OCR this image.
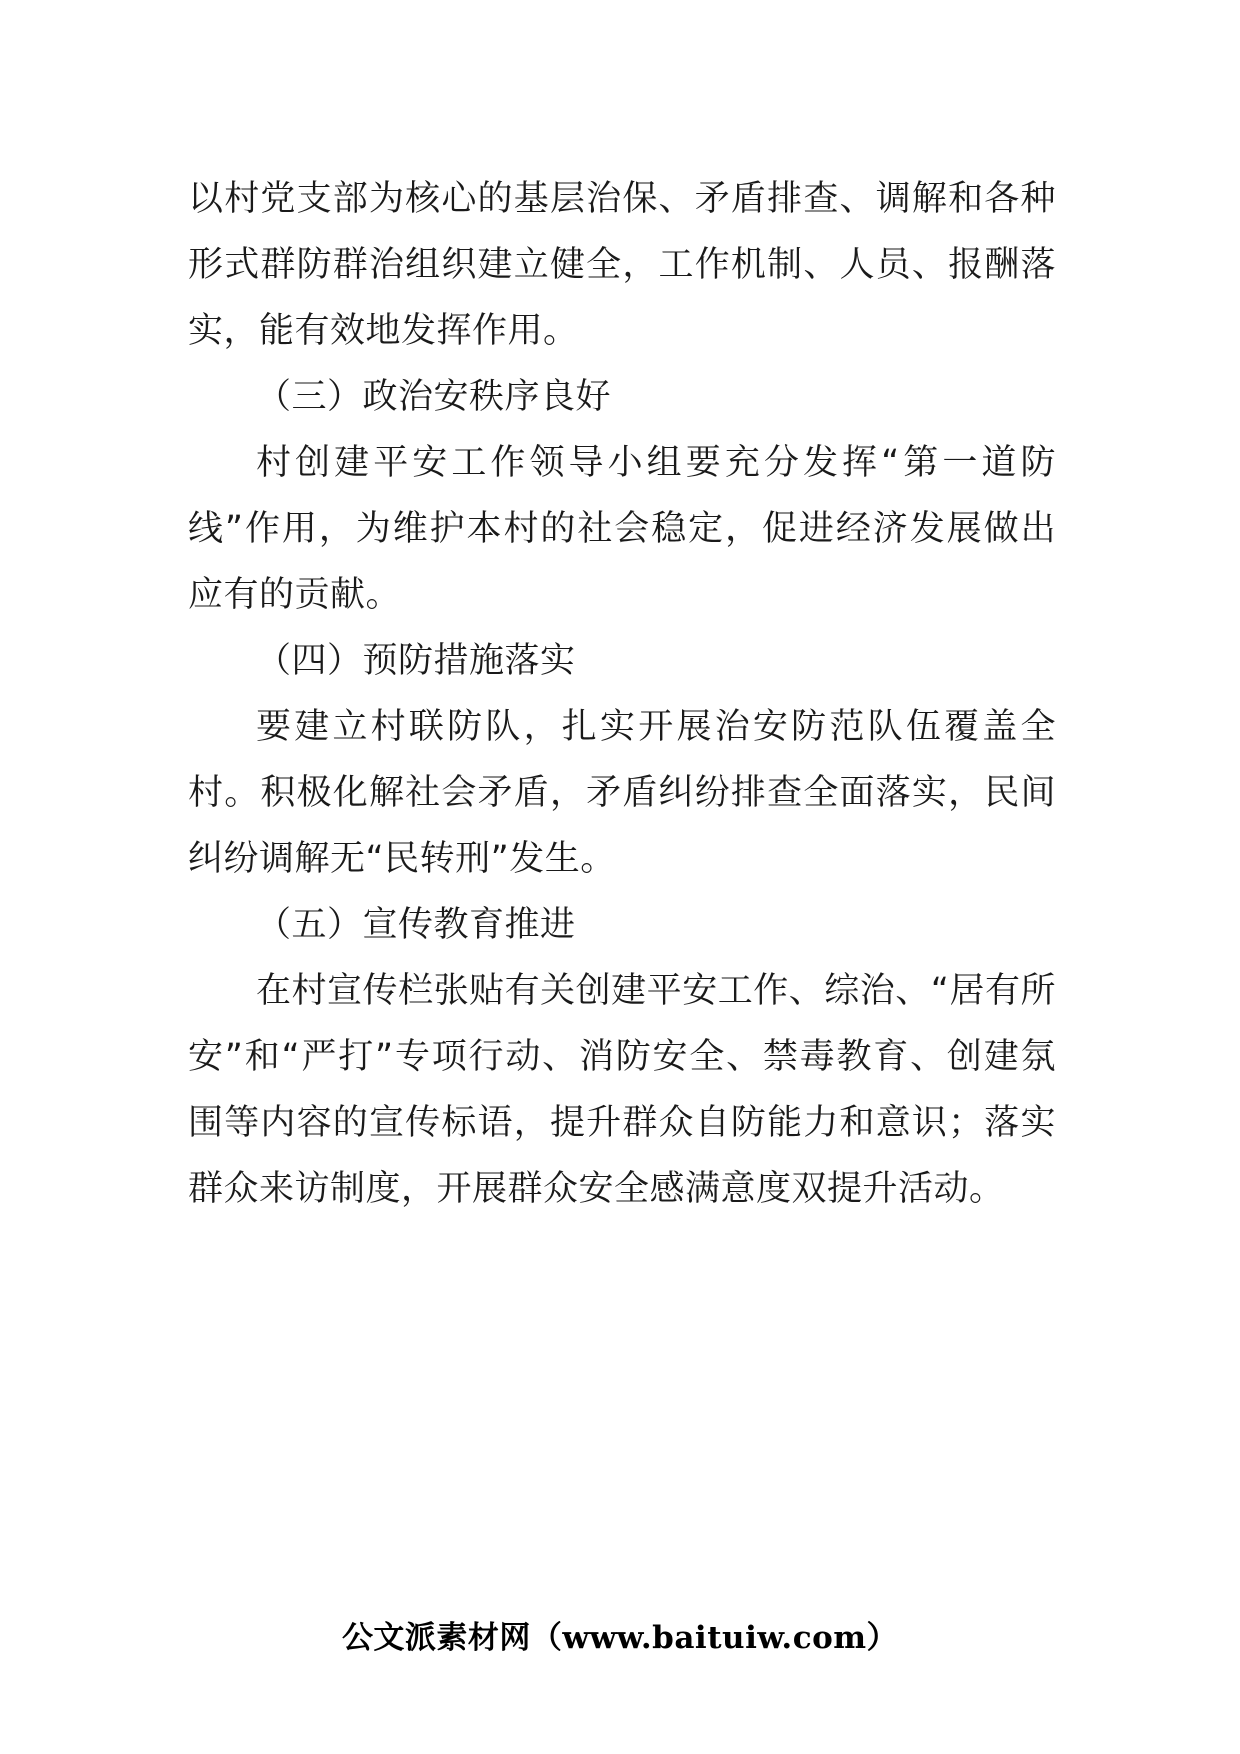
以村党支部为核心的基层治保、矛盾排查、调解和各种形式群防群治组织建立健全，工作机制、人员、报酬落实，能有效地发挥作用。

（三）政治安秩序良好

村创建平安工作领导小组要充分发挥“第一道防线”作用，为维护本村的社会稳定，促进经济发展做出应有的贡献。

（四）预防措施落实

要建立村联防队，扎实开展治安防范队伍覆盖全村。积极化解社会矛盾，矛盾纠纷排查全面落实，民间纠纷调解无“民转刑”发生。

（五）宣传教育推进

在村宣传栏张贴有关创建平安工作、综治、“居有所安”和“严打”专项行动、消防安全、禁毒教育、创建氛围等内容的宣传标语，提升群众自防能力和意识；落实群众来访制度，开展群众安全感满意度双提升活动。

公文派素材网（www.baituiw.com）
